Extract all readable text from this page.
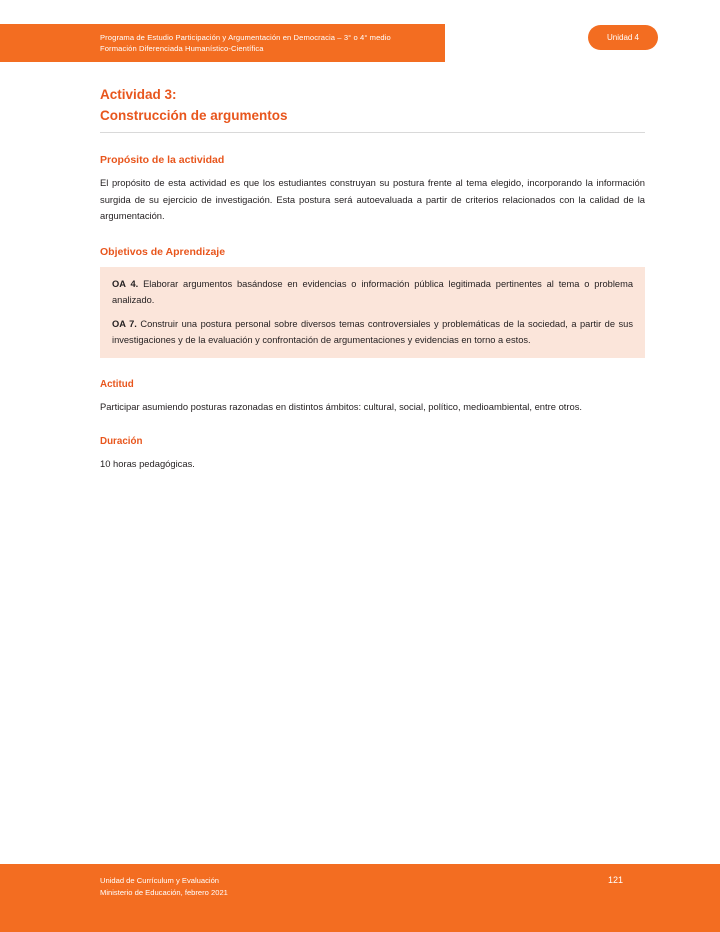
Programa de Estudio Participación y Argumentación en Democracia – 3° o 4° medio
Formación Diferenciada Humanístico-Científica
Unidad 4
Actividad 3:
Construcción de argumentos
Propósito de la actividad

El propósito de esta actividad es que los estudiantes construyan su postura frente al tema elegido, incorporando la información surgida de su ejercicio de investigación. Esta postura será autoevaluada a partir de criterios relacionados con la calidad de la argumentación.

Objetivos de Aprendizaje

OA 4. Elaborar argumentos basándose en evidencias o información pública legitimada pertinentes al tema o problema analizado.

OA 7. Construir una postura personal sobre diversos temas controversiales y problemáticas de la sociedad, a partir de sus investigaciones y de la evaluación y confrontación de argumentaciones y evidencias en torno a estos.

Actitud

Participar asumiendo posturas razonadas en distintos ámbitos: cultural, social, político, medioambiental, entre otros.

Duración

10 horas pedagógicas.

Unidad de Currículum y Evaluación
Ministerio de Educación, febrero 2021
121
